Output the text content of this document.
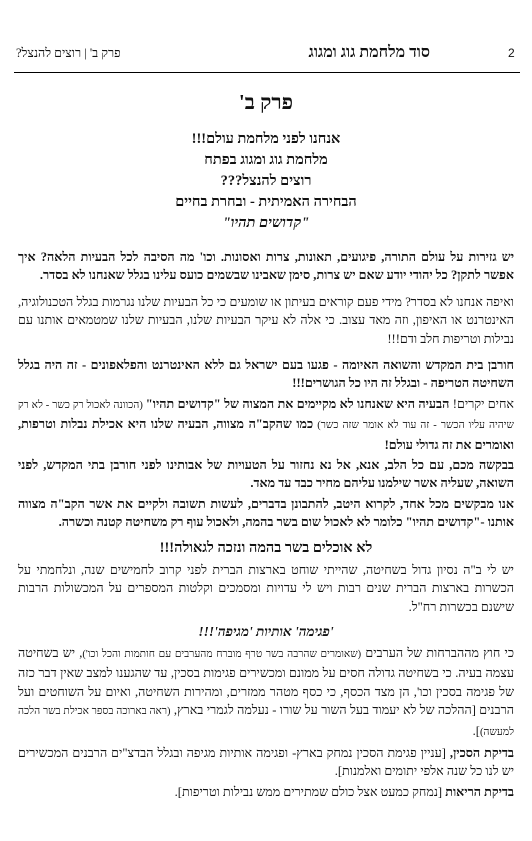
סוד מלחמת גוג ומגוג
פרק ב' | רוצים להנצל?	2
פרק ב'
אנחנו לפני מלחמת עולם!!!
מלחמת גוג ומגוג בפתח
רוצים להנצל???
הבחירה האמיתית - ובחרת בחיים
"קדושים תהיו"

יש גזירות על עולם התורה, פיגועים, תאונות, צרות ואסונות. וכו' מה הסיבה לכל הבעיות הלאה? איך אפשר לתקן? כל יהודי יודע שאם יש צרות, סימן שאבינו שבשמים כועס עלינו בגלל שאנחנו לא בסדר.

ואיפה אנחנו לא בסדר? מידי פעם קוראים בעיתון או שומעים כי כל הבעיות שלנו נגרמות בגלל הטכנולוגיה, האינטרנט או האיפון, וזה מאד עצוב. כי אלה לא עיקר הבעיות שלנו, הבעיות שלנו שמטמאים אותנו עם נבילות וטריפות חלב ודם!!!

חורבן בית המקדש והשואה האיומה - פגעו בעם ישראל גם ללא האינטרנט והפלאפונים - זה היה בגלל השחיטה הטריפה - ובגלל זה היו כל הגושרים!!!

אחים יקרים! הבעיה היא שאנחנו לא מקיימים את המצוה של "קדושים תהיו" (הכוונה לאכול רק כשר - לא רק שיהיה עליו הכשר - זה עוד לא אומר שזה כשר) כמו שהקב"ה מצווה, הבעיה שלנו היא אכילת נבלות וטרפות, ואומרים את זה גדולי עולם!

בבקשה מכם, עם כל הלב, אנא, אל נא נחזור על הטעויות של אבותינו לפני חורבן בתי המקדש, לפני השואה, שעליה אשר שילמנו עליהם מחיר כבד עד מאד.

אנו מבקשים מכל אחד, לקרוא היטב, להתבונן בדברים, לעשות תשובה ולקיים את אשר הקב"ה מצווה אותנו -"קדושים תהיו" כלומר לא לאכול שום בשר בהמה, ולאכול עוף רק משחיטה קטנה וכשרה.

לא אוכלים בשר בהמה ונזכה לגאולה!!!

יש לי ב"ה נסיון גדול בשחיטה, שהייתי שוחט בארצות הברית לפני קרוב לחמישים שנה, ונלחמתי על הכשרות בארצות הברית שנים רבות ויש לי עדויות ומסמכים וקלטות המספרים על המכשולות הרבות שישנם בכשרות רח"ל.

'פגימה' אותיות 'מגיפה'!!!

כי חוץ מההברחות של הערבים (שאומרים שהרבה בשר טרף מוברח מהערבים עם חותמות והכל וכו'), יש בשחיטה עצמה בעיה. כי בשחיטה גדולה חסים על ממונם ומכשירים פגימות בסכין, עד שהגענו למצב שאין דבר כזה של פגימה בסכין וכו', הן מצד הכסף, כי כסף מטהר ממזרים, ומהירות השחיטה, ואיום על השוחטים ועל הרבנים [ההלכה של לא יעמוד בעל השור על שורו - נעלמה לגמרי בארץ, (ראה בארוכה בספר אכילת בשר הלכה למעשה)].

בדיקת הסכין, [עניין פגימת הסכין נמחק בארץ- ופגימה אותיות מגיפה ובגלל הבדצ"ים הרבנים המכשירים יש לנו כל שנה אלפי יתומים ואלמנות].

בדיקת הריאות [נמחק כמעט אצל כולם שמתירים ממש נבילות וטריפות].
